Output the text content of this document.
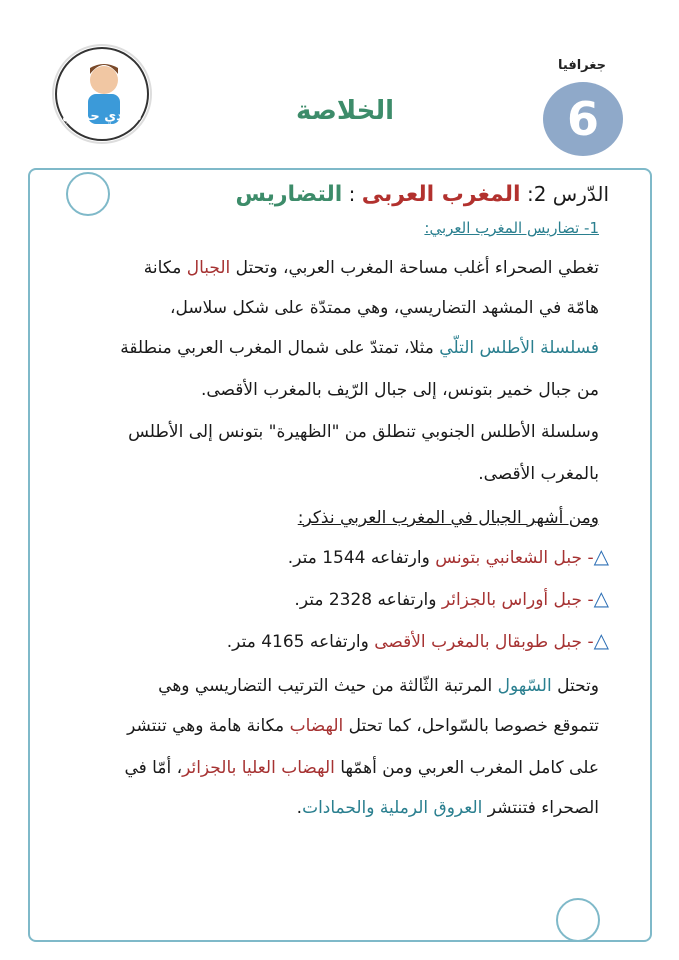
6
جغرافيا
الخلاصة
سيدي حمدي
الدّرس 2: المغرب العربى : التضاريس
1- تضاريس المغرب العربي:
تغطي الصحراء أغلب مساحة المغرب العربي، وتحتل الجبال مكانة
هامّة في المشهد التضاريسي، وهي ممتدّة على شكل سلاسل،
فسلسلة الأطلس التلّي مثلا، تمتدّ على شمال المغرب العربي منطلقة
من جبال خمير بتونس، إلى جبال الرّيف بالمغرب الأقصى.
وسلسلة الأطلس الجنوبي تنطلق من "الظهيرة" بتونس إلى الأطلس
بالمغرب الأقصى.
ومن أشهر الجبال في المغرب العربي نذكر:
△- جبل الشعانبي بتونس وارتفاعه 1544 متر.
△- جبل أوراس بالجزائر وارتفاعه 2328 متر.
△- جبل طوبقال بالمغرب الأقصى وارتفاعه 4165 متر.
وتحتل السّهول المرتبة الثّالثة من حيث الترتيب التضاريسي وهي
تتموقع خصوصا بالسّواحل، كما تحتل الهضاب مكانة هامة وهي تنتشر
على كامل المغرب العربي ومن أهمّها الهضاب العليا بالجزائر، أمّا في
الصحراء فتنتشر العروق الرملية والحمادات.
